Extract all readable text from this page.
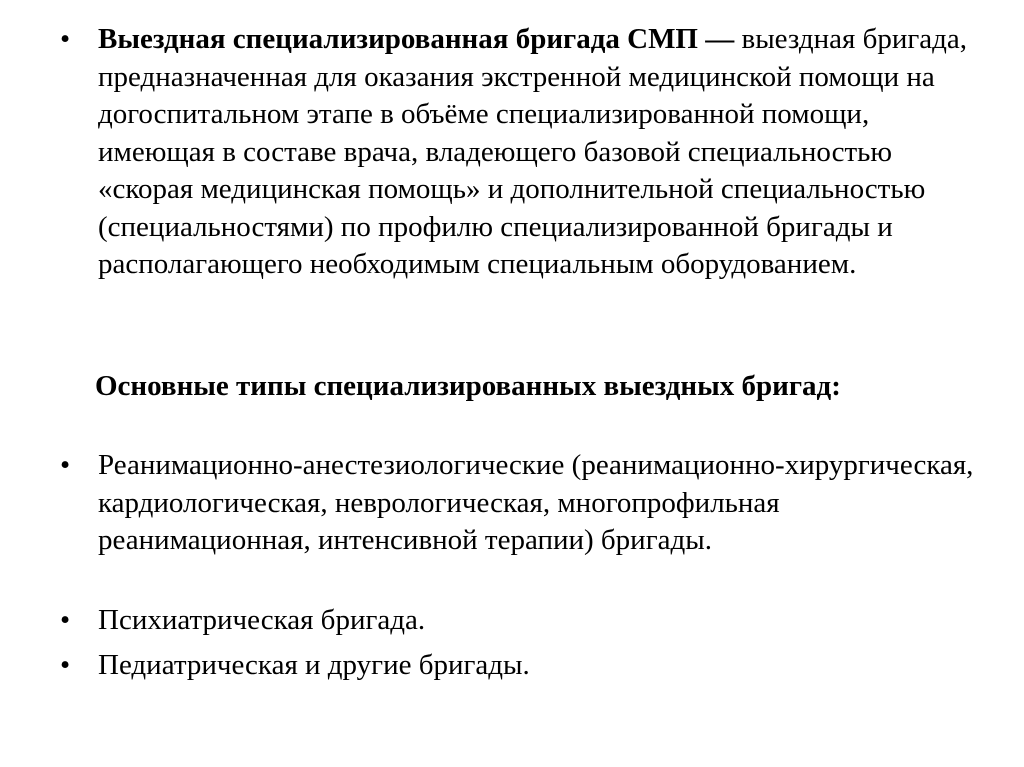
• Выездная специализированная бригада СМП — выездная бригада, предназначенная для оказания экстренной медицинской помощи на догоспитальном этапе в объёме специализированной помощи, имеющая в составе врача, владеющего базовой специальностью «скорая медицинская помощь» и дополнительной специальностью (специальностями) по профилю специализированной бригады и располагающего необходимым специальным оборудованием.
Основные типы специализированных выездных бригад:
• Реанимационно-анестезиологические (реанимационно-хирургическая, кардиологическая, неврологическая, многопрофильная реанимационная, интенсивной терапии) бригады.
• Психиатрическая бригада.
• Педиатрическая и другие бригады.
